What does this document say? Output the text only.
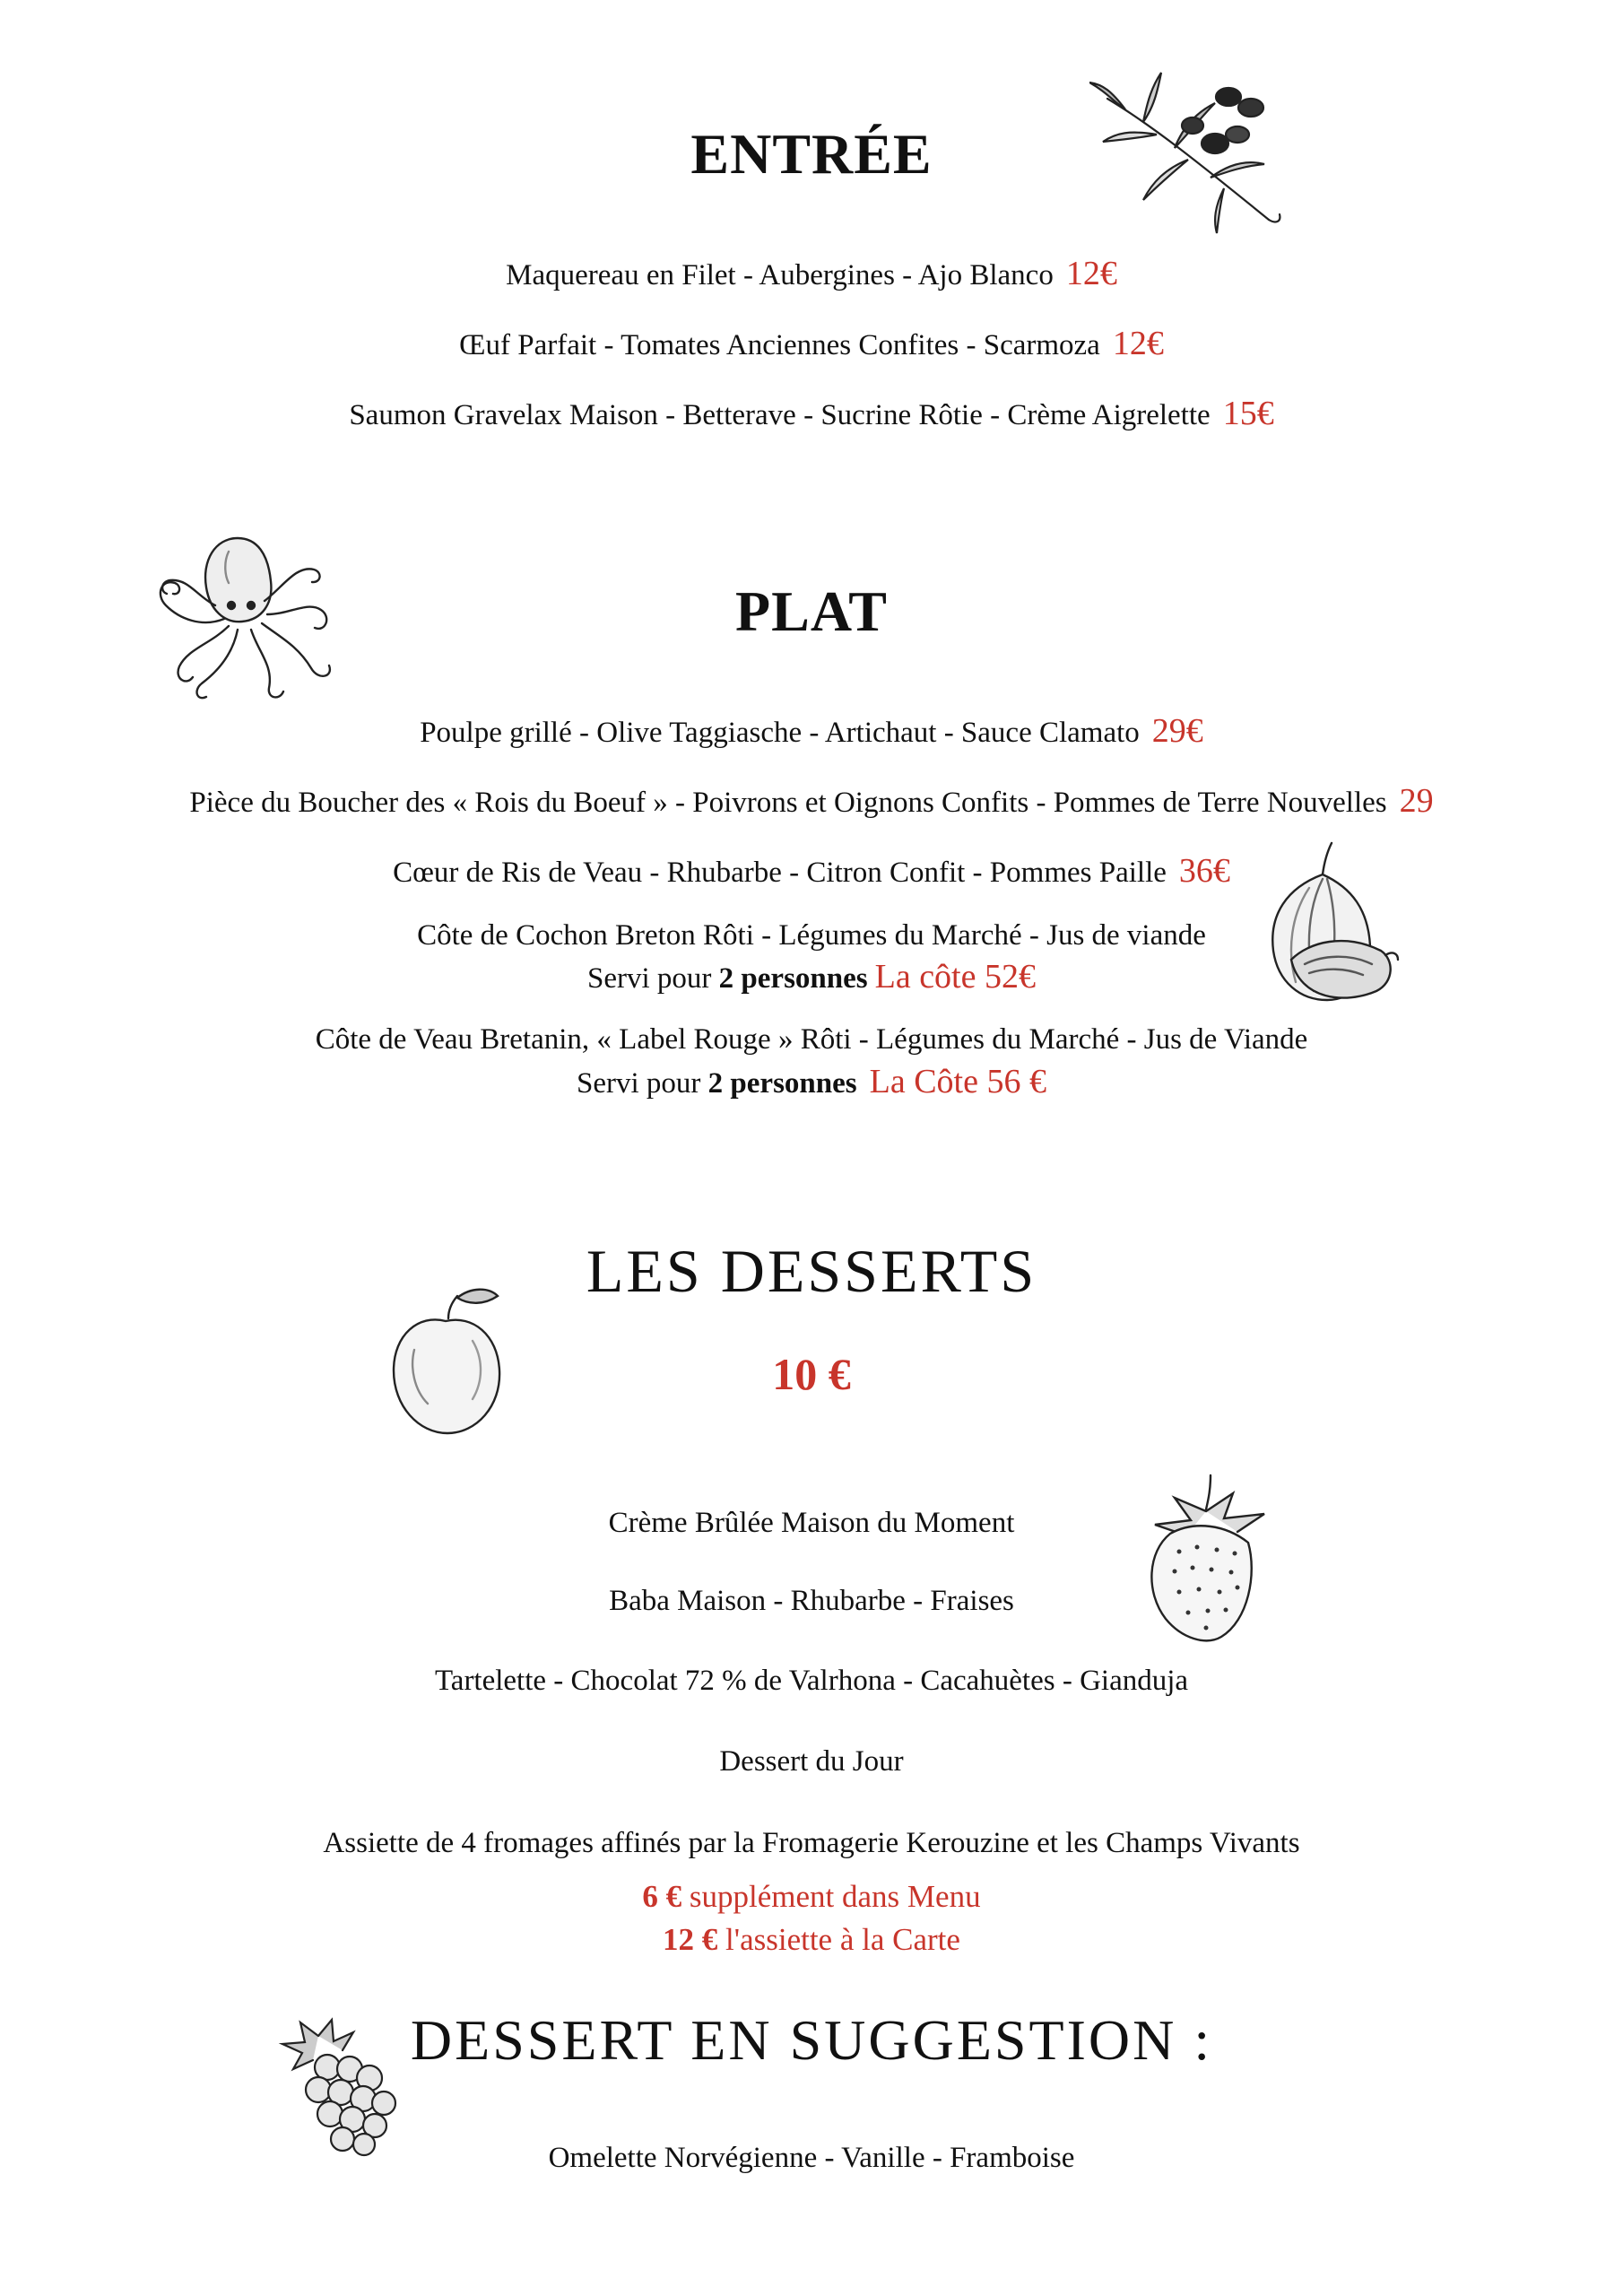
ENTRÉE
Maquereau en Filet - Aubergines - Ajo Blanco 12€
Œuf Parfait - Tomates Anciennes Confites - Scarmoza 12€
Saumon Gravelax Maison - Betterave - Sucrine Rôtie - Crème Aigrelette 15€
PLAT
Poulpe grillé - Olive Taggiasche - Artichaut - Sauce Clamato 29€
Pièce du Boucher des « Rois du Boeuf » - Poivrons et Oignons Confits - Pommes de Terre Nouvelles 29
Cœur de Ris de Veau - Rhubarbe - Citron Confit - Pommes Paille 36€
Côte de Cochon Breton Rôti - Légumes du Marché - Jus de viande
Servi pour 2 personnes La côte 52€
Côte de Veau Bretanin, « Label Rouge » Rôti - Légumes du Marché - Jus de Viande
Servi pour 2 personnes La Côte 56 €
LES DESSERTS
10 €
Crème Brûlée Maison du Moment
Baba Maison - Rhubarbe - Fraises
Tartelette - Chocolat 72 % de Valrhona - Cacahuètes - Gianduja
Dessert du Jour
Assiette de 4 fromages affinés par la Fromagerie Kerouzine et les Champs Vivants
6 € supplément dans Menu
12 € l'assiette à la Carte
DESSERT EN SUGGESTION :
Omelette Norvégienne - Vanille - Framboise
